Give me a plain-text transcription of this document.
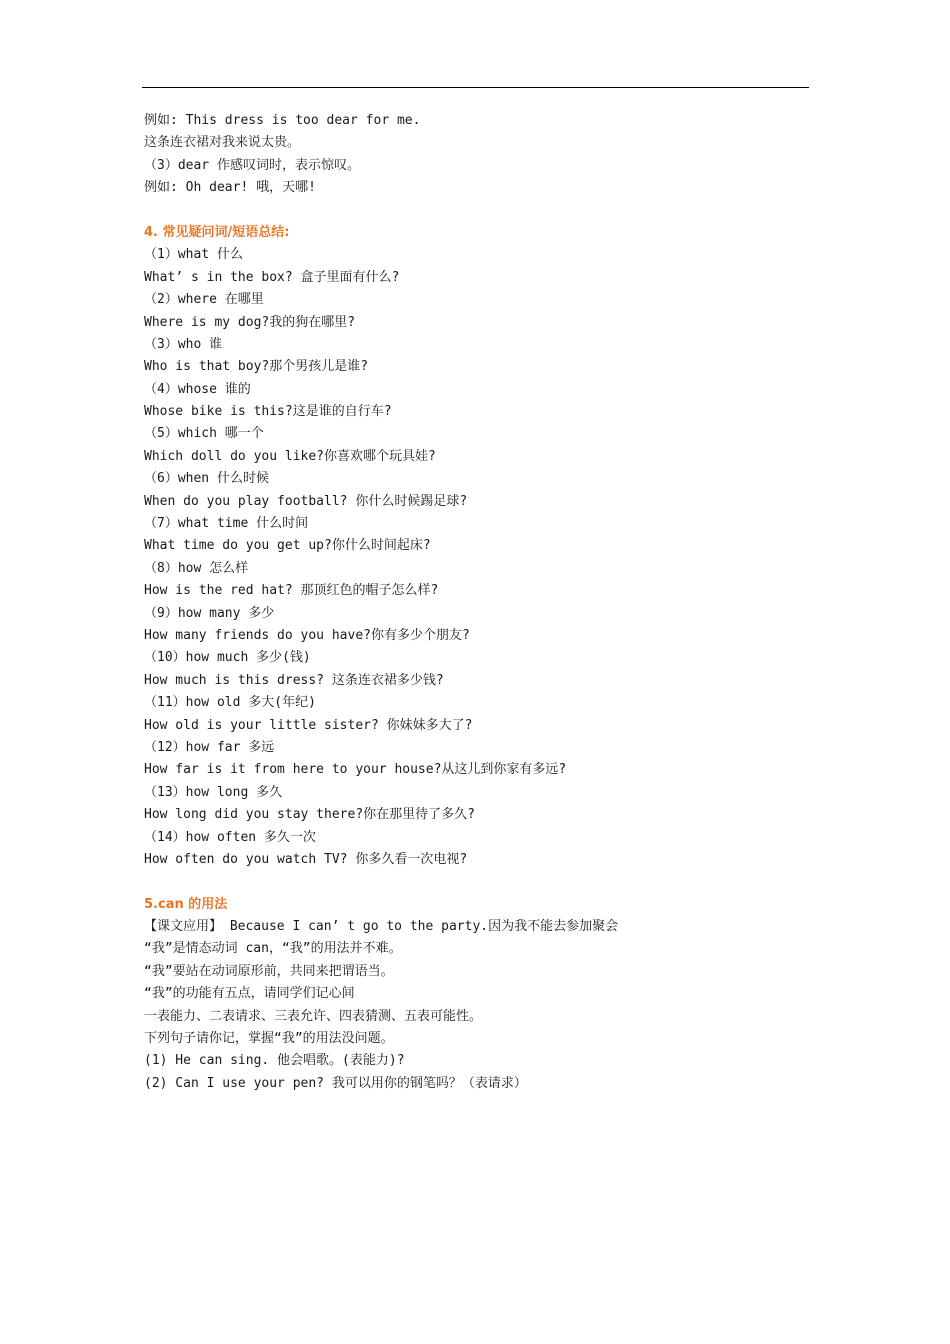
例如: This dress is too dear for me.
这条连衣裙对我来说太贵。
（3）dear 作感叹词时，表示惊叹。
例如: Oh dear! 哦，天哪!
4. 常见疑问词/短语总结:
（1）what 什么
What’ s in the box? 盒子里面有什么?
（2）where 在哪里
Where is my dog?我的狗在哪里?
（3）who 谁
Who is that boy?那个男孩儿是谁?
（4）whose 谁的
Whose bike is this?这是谁的自行车?
（5）which 哪一个
Which doll do you like?你喜欢哪个玩具娃?
（6）when 什么时候
When do you play football? 你什么时候踢足球?
（7）what time 什么时间
What time do you get up?你什么时间起床?
（8）how 怎么样
How is the red hat? 那顶红色的帽子怎么样?
（9）how many 多少
How many friends do you have?你有多少个朋友?
（10）how much 多少(钱)
How much is this dress? 这条连衣裙多少钱?
（11）how old 多大(年纪)
How old is your little sister? 你妹妹多大了?
（12）how far 多远
How far is it from here to your house?从这儿到你家有多远?
（13）how long 多久
How long did you stay there?你在那里待了多久?
（14）how often 多久一次
How often do you watch TV? 你多久看一次电视?
5.can 的用法
【课文应用】 Because I can’ t go to the party.因为我不能去参加聚会
“我”是情态动词 can，“我”的用法并不难。
“我”要站在动词原形前，共同来把谓语当。
“我”的功能有五点，请同学们记心间
一表能力、二表请求、三表允许、四表猜测、五表可能性。
下列句子请你记，掌握“我”的用法没问题。
(1) He can sing. 他会唱歌。(表能力)?
(2) Can I use your pen? 我可以用你的钢笔吗？（表请求）
